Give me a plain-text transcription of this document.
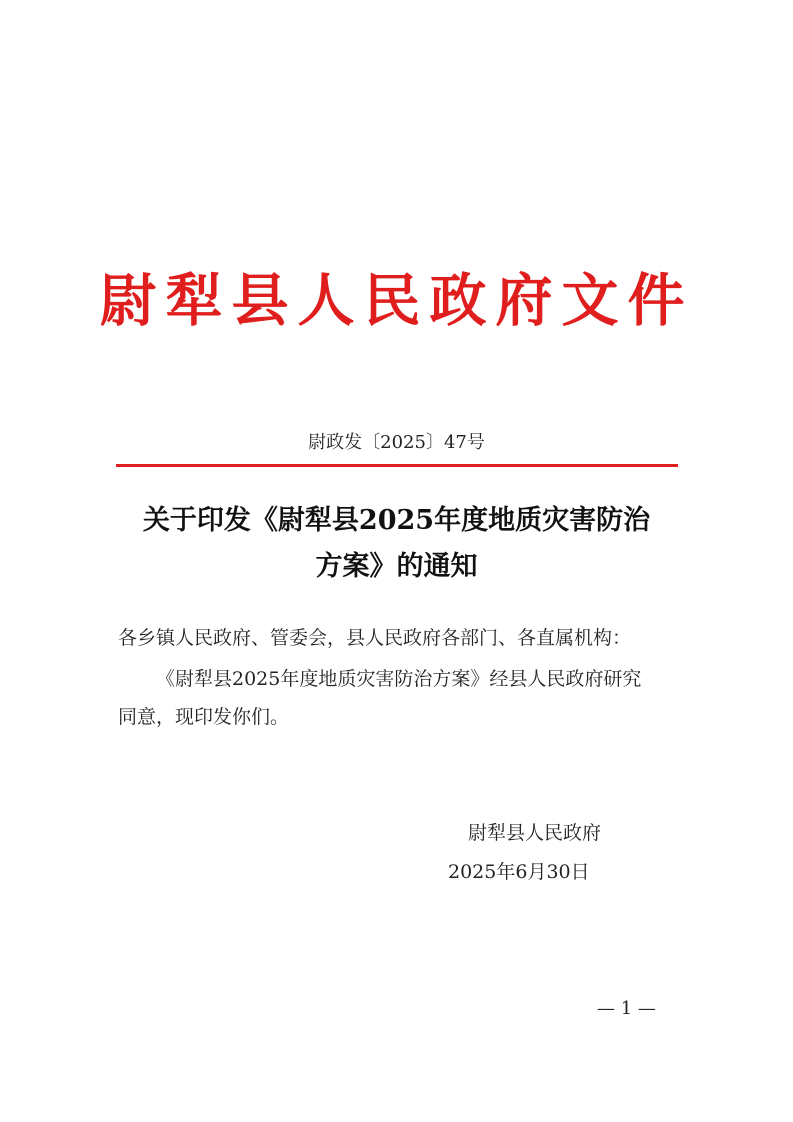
尉犁县人民政府文件
尉政发〔2025〕47号
关于印发《尉犁县2025年度地质灾害防治
方案》的通知
各乡镇人民政府、管委会，县人民政府各部门、各直属机构：
《尉犁县2025年度地质灾害防治方案》经县人民政府研究
同意，现印发你们。
尉犁县人民政府
2025年6月30日
— 1 —
